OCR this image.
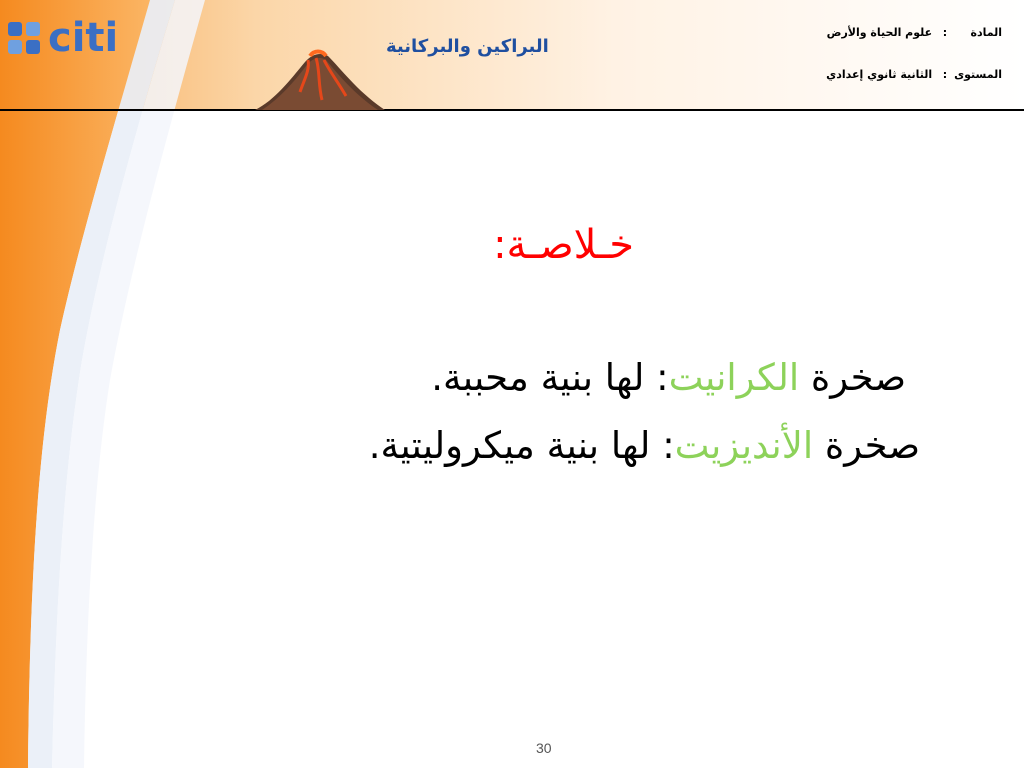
citi	البراكين والبركانية
المادة: علوم الحياة والأرض
المستوى: الثانية ثانوي إعدادي
خـلاصـة:
صخرة الكرانيت: لها بنية محببة.
صخرة الأنديزيت: لها بنية ميكروليتية.
30
